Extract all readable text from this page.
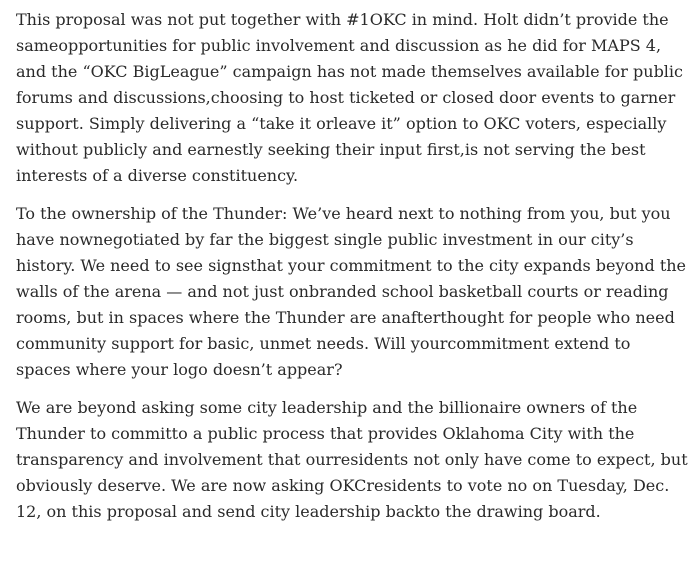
This proposal was not put together with #1OKC in mind. Holt didn’t provide the sameopportunities for public involvement and discussion as he did for MAPS 4, and the “OKC BigLeague” campaign has not made themselves available for public forums and discussions,choosing to host ticketed or closed door events to garner support. Simply delivering a “take it orleave it” option to OKC voters, especially without publicly and earnestly seeking their input first,is not serving the best interests of a diverse constituency.

To the ownership of the Thunder: We’ve heard next to nothing from you, but you have nownegotiated by far the biggest single public investment in our city’s history. We need to see signsthat your commitment to the city expands beyond the walls of the arena — and not just onbranded school basketball courts or reading rooms, but in spaces where the Thunder are anafterthought for people who need community support for basic, unmet needs. Will yourcommitment extend to spaces where your logo doesn’t appear?

We are beyond asking some city leadership and the billionaire owners of the Thunder to committo a public process that provides Oklahoma City with the transparency and involvement that ourresidents not only have come to expect, but obviously deserve. We are now asking OKCresidents to vote no on Tuesday, Dec. 12, on this proposal and send city leadership backto the drawing board.
